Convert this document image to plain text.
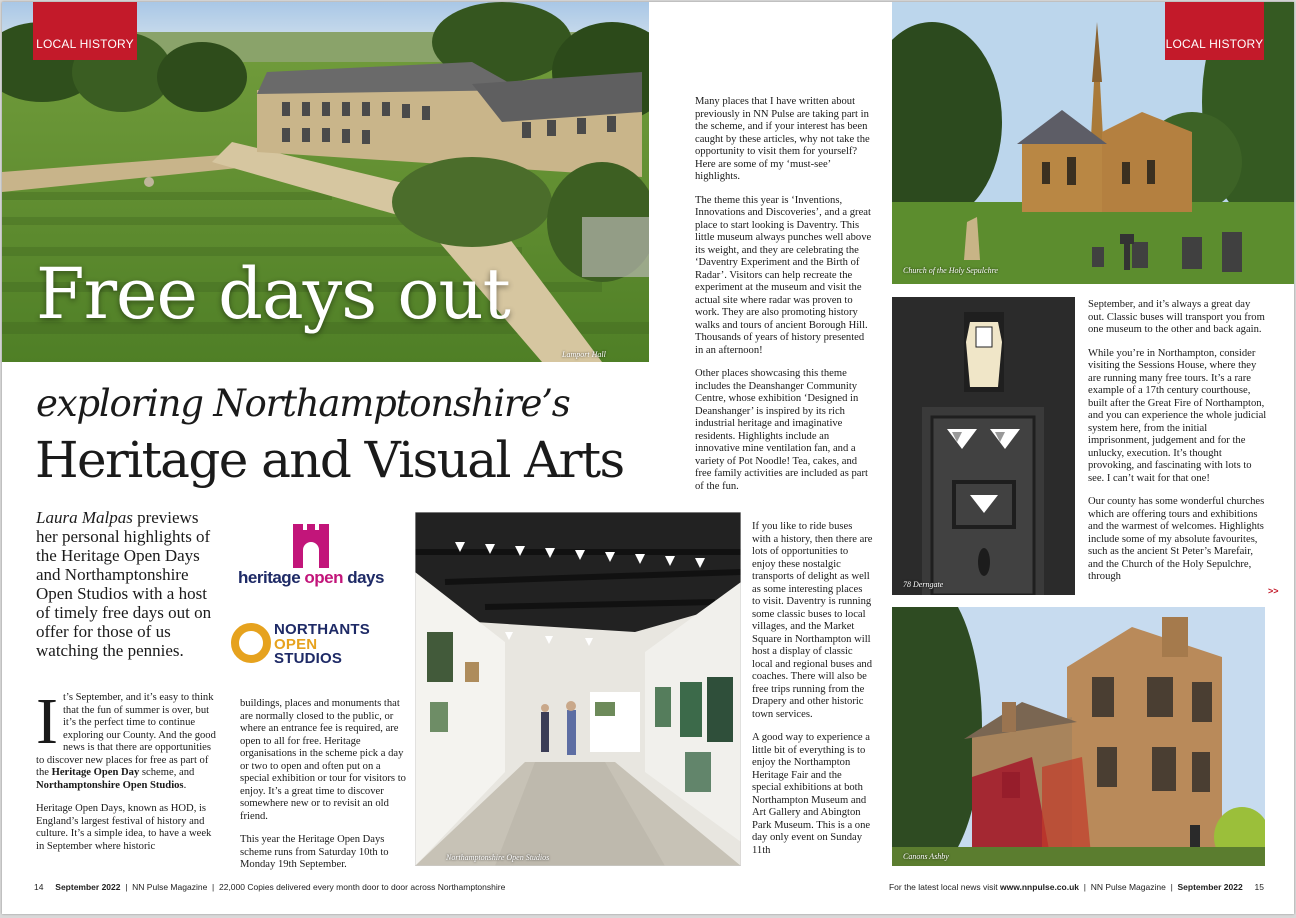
LOCAL HISTORY
Free days out
Lamport Hall
exploring Northamptonshire’s
Heritage and Visual Arts
Laura Malpas previews her personal highlights of the Heritage Open Days and Northamptonshire Open Studios with a host of timely free days out on offer for those of us watching the pennies.
heritage open days
NORTHANTS
OPEN
STUDIOS

It’s September, and it’s easy to think that the fun of summer is over, but it’s the perfect time to continue exploring our County. And the good news is that there are opportunities to discover new places for free as part of the Heritage Open Day scheme, and Northamptonshire Open Studios.

Heritage Open Days, known as HOD, is England’s largest festival of history and culture. It’s a simple idea, to have a week in September where historic

buildings, places and monuments that are normally closed to the public, or where an entrance fee is required, are open to all for free. Heritage organisations in the scheme pick a day or two to open and often put on a special exhibition or tour for visitors to enjoy. It’s a great time to discover somewhere new or to revisit an old friend.

This year the Heritage Open Days scheme runs from Saturday 10th to Monday 19th September.

Northamptonshire Open Studios

Many places that I have written about previously in NN Pulse are taking part in the scheme, and if your interest has been caught by these articles, why not take the opportunity to visit them for yourself? Here are some of my ‘must-see’ highlights.

The theme this year is ‘Inventions, Innovations and Discoveries’, and a great place to start looking is Daventry. This little museum always punches well above its weight, and they are celebrating the ‘Daventry Experiment and the Birth of Radar’. Visitors can help recreate the experiment at the museum and visit the actual site where radar was proven to work. They are also promoting history walks and tours of ancient Borough Hill. Thousands of years of history presented in an afternoon!

Other places showcasing this theme includes the Deanshanger Community Centre, whose exhibition ‘Designed in Deanshanger’ is inspired by its rich industrial heritage and imaginative residents. Highlights include an innovative mine ventilation fan, and a variety of Pot Noodle! Tea, cakes, and free family activities are included as part of the fun.

If you like to ride buses with a history, then there are lots of opportunities to enjoy these nostalgic transports of delight as well as some interesting places to visit. Daventry is running some classic buses to local villages, and the Market Square in Northampton will host a display of classic local and regional buses and coaches. There will also be free trips running from the Drapery and other historic town services.

A good way to experience a little bit of everything is to enjoy the Northampton Heritage Fair and the special exhibitions at both Northampton Museum and Art Gallery and Abington Park Museum. This is a one day only event on Sunday 11th

LOCAL HISTORY
Church of the Holy Sepulchre
78 Derngate

September, and it’s always a great day out. Classic buses will transport you from one museum to the other and back again.

While you’re in Northampton, consider visiting the Sessions House, where they are running many free tours. It’s a rare example of a 17th century courthouse, built after the Great Fire of Northampton, and you can experience the whole judicial system here, from the initial imprisonment, judgement and for the unlucky, execution. It’s thought provoking, and fascinating with lots to see. I can’t wait for that one!

Our county has some wonderful churches which are offering tours and exhibitions and the warmest of welcomes. Highlights include some of my absolute favourites, such as the ancient St Peter’s Marefair, and the Church of the Holy Sepulchre, through

>>
Canons Ashby
14 September 2022 | NN Pulse Magazine | 22,000 Copies delivered every month door to door across Northamptonshire	For the latest local news visit www.nnpulse.co.uk | NN Pulse Magazine | September 2022 15
